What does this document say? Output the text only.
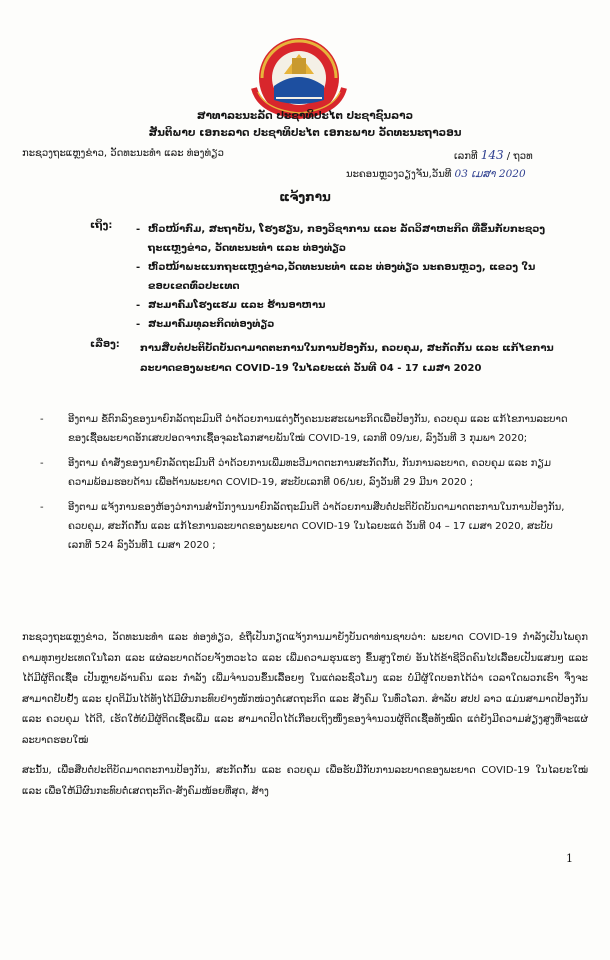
ສາທາລະນະລັດ ປະຊາທິປະໄຕ ປະຊາຊົນລາວ
ສັນຕິພາບ ເອກະລາດ ປະຊາທິປະໄຕ ເອກະພາບ ວັດທະນະຖາວອນ
ກະຊວງຖະແຫຼງຂ່າວ, ວັດທະນະທຳ ແລະ ທ່ອງທ່ຽວ	ເລກທີ 143 / ຖວທ
ນະຄອນຫຼວງວຽງຈັນ,ວັນທີ 03 ເມສາ 2020
ແຈ້ງການ
ເຖິງ: - ຫົວໜ້າກົມ, ສະຖາບັນ, ໂຮງຮຽນ, ກອງວິຊາການ ແລະ ລັດວິສາຫະກິດ ທີ່ຂຶ້ນກັບກະຊວງຖະແຫຼງຂ່າວ, ວັດທະນະທຳ ແລະ ທ່ອງທ່ຽວ
- ຫົວໜ້າພະແນກຖະແຫຼງຂ່າວ,ວັດທະນະທຳ ແລະ ທ່ອງທ່ຽວ ນະຄອນຫຼວງ, ແຂວງ ໃນຂອບເຂດທົ່ວປະເທດ
- ສະມາຄົມໂຮງແຮມ ແລະ ຮ້ານອາຫານ
- ສະມາຄົມທຸລະກິດທ່ອງທ່ຽວ
ເລື່ອງ: ການສືບຕໍ່ປະຕິບັດບັນດາມາດຕະການໃນການປ້ອງກັນ, ຄວບຄຸມ, ສະກັດກັ້ນ ແລະ ແກ້ໄຂການລະບາດຂອງພະຍາດ COVID-19 ໃນໄລຍະແຕ່ ວັນທີ 04 - 17 ເມສາ 2020
- ອີງຕາມ ຂໍ້ຕົກລົງຂອງນາຍົກລັດຖະມົນຕີ ວ່າດ້ວຍການແຕ່ງຕັ້ງຄະນະສະເພາະກິດເພື່ອປ້ອງກັນ, ຄວບຄຸມ ແລະ ແກ້ໄຂການລະບາດຂອງເຊື້ອພະຍາດອັກເສບປອດຈາກເຊື້ອຈຸລະໂລກສາຍພັນໃໝ່ COVID-19, ເລກທີ 09/ນຍ, ລົງວັນທີ 3 ກຸມພາ 2020;
- ອີງຕາມ ຄຳສັ່ງຂອງນາຍົກລັດຖະມົນຕີ ວ່າດ້ວຍການເພີ່ມທະວີມາດຕະການສະກັດກັ້ນ, ກັນການລະບາດ, ຄວບຄຸມ ແລະ ກຽມຄວາມພ້ອມຮອບດ້ານ ເພື່ອຕ້ານພະຍາດ COVID-19, ສະບັບເລກທີ 06/ນຍ, ລົງວັນທີ 29 ມີນາ 2020 ;
- ອີງຕາມ ແຈ້ງການຂອງຫ້ອງວ່າການສຳນັກງານນາຍົກລັດຖະມົນຕີ ວ່າດ້ວຍການສືບຕໍ່ປະຕິບັດບັນດາມາດຕະການໃນການປ້ອງກັນ, ຄວບຄຸມ, ສະກັດກັ້ນ ແລະ ແກ້ໄຂການລະບາດຂອງພະຍາດ COVID-19 ໃນໄລຍະແຕ່ ວັນທີ 04 – 17 ເມສາ 2020, ສະບັບເລກທີ 524 ລົງວັນທີ1 ເມສາ 2020 ;

ກະຊວງຖະແຫຼງຂ່າວ, ວັດທະນະທຳ ແລະ ທ່ອງທ່ຽວ, ຂໍຖືເປັນກຽດແຈ້ງການມາຍັງບັນດາທ່ານຊາບວ່າ: ພະຍາດ COVID-19 ກຳລັງເປັນໄພຄຸກຄາມທຸກໆປະເທດໃນໂລກ ແລະ ແຜ່ລະບາດດ້ວຍຈັງຫວະໄວ ແລະ ເພີ່ມຄວາມຮຸນແຮງ ຂຶ້ນສູງໃຫຍ່ ອັນໄດ້ຂ້າຊີວິດຄົນໄປເລື້ອຍເປັນແສນໆ ແລະ ໄດ້ມີຜູ້ຕິດເຊື້ອ ເປັນຫຼາຍລ້ານຄົນ ແລະ ກຳລັງ ເພີ່ມຈຳນວນຂຶ້ນເລື້ອຍໆ ໃນແຕ່ລະຊົ່ວໂມງ ແລະ ບໍ່ມີຜູ້ໃດບອກໄດ້ວ່າ ເວລາໃດພວກເຮົາ ຈຶ່ງຈະສາມາດຢັບຢັ້ງ ແລະ ຢຸດຕິມັນໄດ້ທັງໄດ້ມີຜົນກະທົບຢ່າງໜັກໜ່ວງຕໍ່ເສດຖະກິດ ແລະ ສັງຄົມ ໃນທົ່ວໂລກ. ສຳລັບ ສປປ ລາວ ແມ່ນສາມາດປ້ອງກັນ ແລະ ຄວບຄຸມ ໄດ້ດີ, ເຮັດໃຫ້ບໍ່ມີຜູ້ຕິດເຊື້ອເພີ່ມ ແລະ ສາມາດປິດໄດ້ເກືອບເຖິງໜຶ່ງຂອງຈຳນວນຜູ້ຕິດເຊື້ອທັງໝົດ ແຕ່ຍັງມີຄວາມສ່ຽງສູງທີ່ຈະແຜ່ລະບາດຮອບໃໝ່

ສະນັ້ນ, ເພື່ອສືບຕໍ່ປະຕິບັດມາດຕະການປ້ອງກັນ, ສະກັດກັ້ນ ແລະ ຄວບຄຸມ ເພື່ອຮັບມືກັບການລະບາດຂອງພະຍາດ COVID-19 ໃນໄລຍະໃໝ່ ແລະ ເພື່ອໃຫ້ມີຜົນກະທົບຕໍ່ເສດຖະກິດ-ສັງຄົມໜ້ອຍທີ່ສຸດ, ສ້າງ

1
